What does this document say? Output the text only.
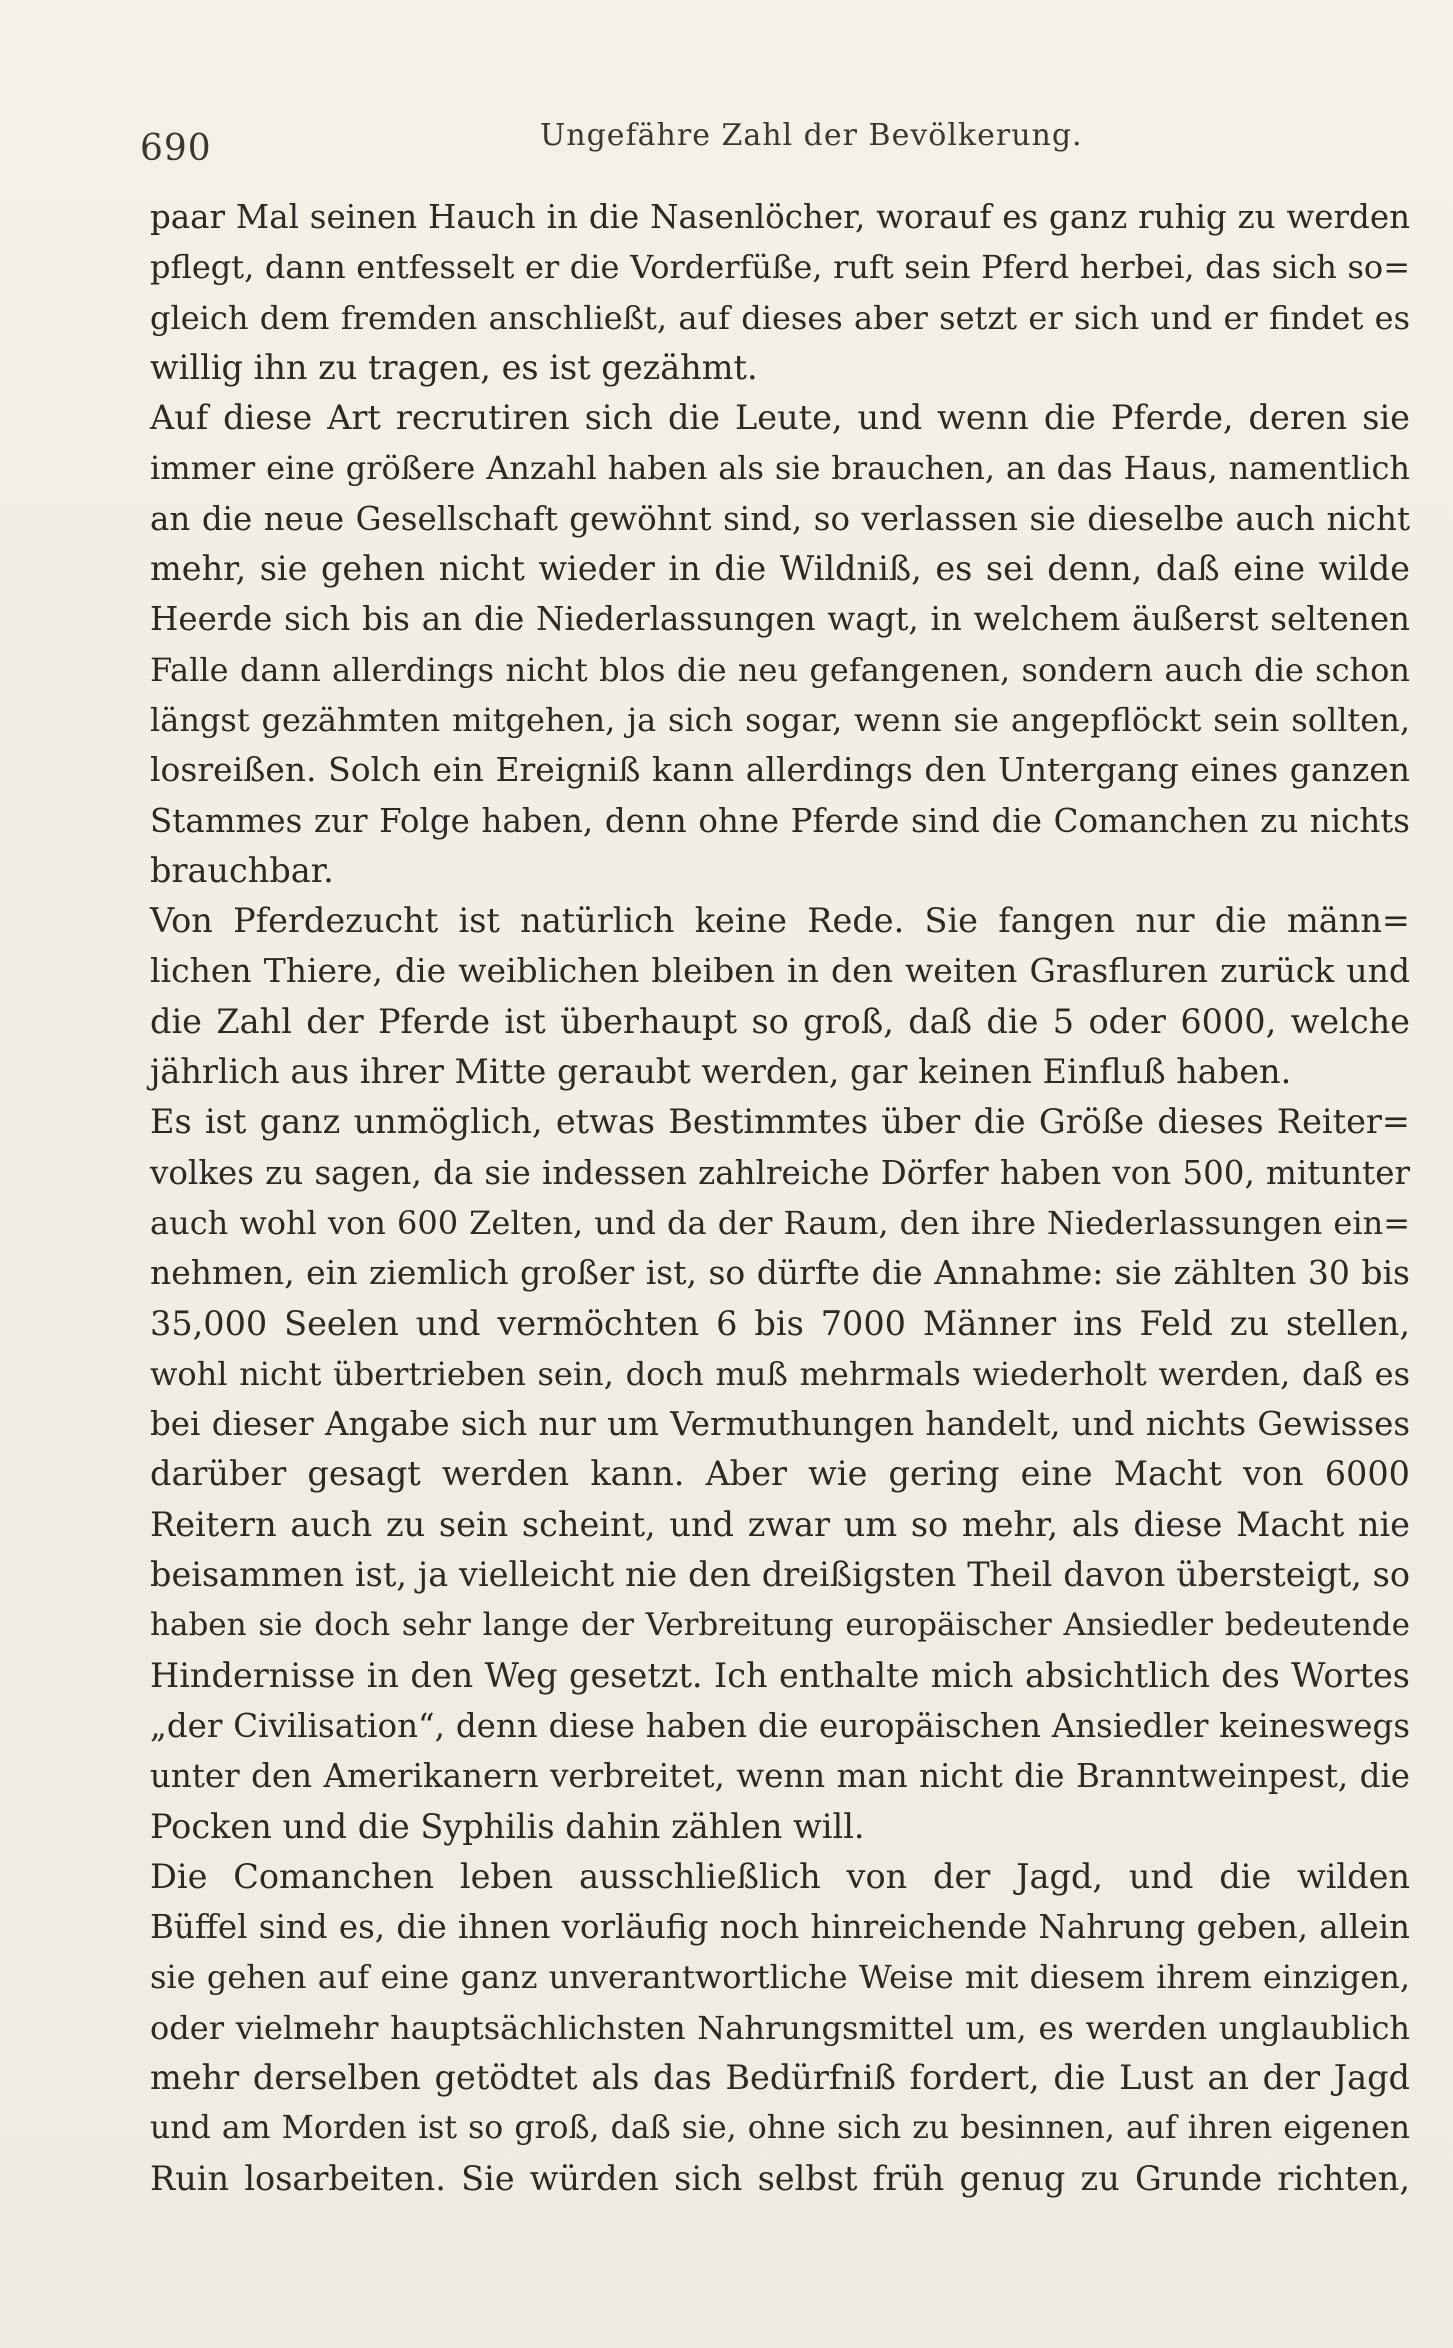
690	Ungefähre Zahl der Bevölkerung.
paar Mal seinen Hauch in die Nasenlöcher, worauf es ganz ruhig zu werden
pflegt, dann entfesselt er die Vorderfüße, ruft sein Pferd herbei, das sich so=
gleich dem fremden anschließt, auf dieses aber setzt er sich und er findet es
willig ihn zu tragen, es ist gezähmt.
Auf diese Art recrutiren sich die Leute, und wenn die Pferde, deren sie
immer eine größere Anzahl haben als sie brauchen, an das Haus, namentlich
an die neue Gesellschaft gewöhnt sind, so verlassen sie dieselbe auch nicht
mehr, sie gehen nicht wieder in die Wildniß, es sei denn, daß eine wilde
Heerde sich bis an die Niederlassungen wagt, in welchem äußerst seltenen
Falle dann allerdings nicht blos die neu gefangenen, sondern auch die schon
längst gezähmten mitgehen, ja sich sogar, wenn sie angepflöckt sein sollten,
losreißen. Solch ein Ereigniß kann allerdings den Untergang eines ganzen
Stammes zur Folge haben, denn ohne Pferde sind die Comanchen zu nichts
brauchbar.
Von Pferdezucht ist natürlich keine Rede. Sie fangen nur die männ=
lichen Thiere, die weiblichen bleiben in den weiten Grasfluren zurück und
die Zahl der Pferde ist überhaupt so groß, daß die 5 oder 6000, welche
jährlich aus ihrer Mitte geraubt werden, gar keinen Einfluß haben.
Es ist ganz unmöglich, etwas Bestimmtes über die Größe dieses Reiter=
volkes zu sagen, da sie indessen zahlreiche Dörfer haben von 500, mitunter
auch wohl von 600 Zelten, und da der Raum, den ihre Niederlassungen ein=
nehmen, ein ziemlich großer ist, so dürfte die Annahme: sie zählten 30 bis
35,000 Seelen und vermöchten 6 bis 7000 Männer ins Feld zu stellen,
wohl nicht übertrieben sein, doch muß mehrmals wiederholt werden, daß es
bei dieser Angabe sich nur um Vermuthungen handelt, und nichts Gewisses
darüber gesagt werden kann. Aber wie gering eine Macht von 6000
Reitern auch zu sein scheint, und zwar um so mehr, als diese Macht nie
beisammen ist, ja vielleicht nie den dreißigsten Theil davon übersteigt, so
haben sie doch sehr lange der Verbreitung europäischer Ansiedler bedeutende
Hindernisse in den Weg gesetzt. Ich enthalte mich absichtlich des Wortes
„der Civilisation“, denn diese haben die europäischen Ansiedler keineswegs
unter den Amerikanern verbreitet, wenn man nicht die Branntweinpest, die
Pocken und die Syphilis dahin zählen will.
Die Comanchen leben ausschließlich von der Jagd, und die wilden
Büffel sind es, die ihnen vorläufig noch hinreichende Nahrung geben, allein
sie gehen auf eine ganz unverantwortliche Weise mit diesem ihrem einzigen,
oder vielmehr hauptsächlichsten Nahrungsmittel um, es werden unglaublich
mehr derselben getödtet als das Bedürfniß fordert, die Lust an der Jagd
und am Morden ist so groß, daß sie, ohne sich zu besinnen, auf ihren eigenen
Ruin losarbeiten. Sie würden sich selbst früh genug zu Grunde richten,
